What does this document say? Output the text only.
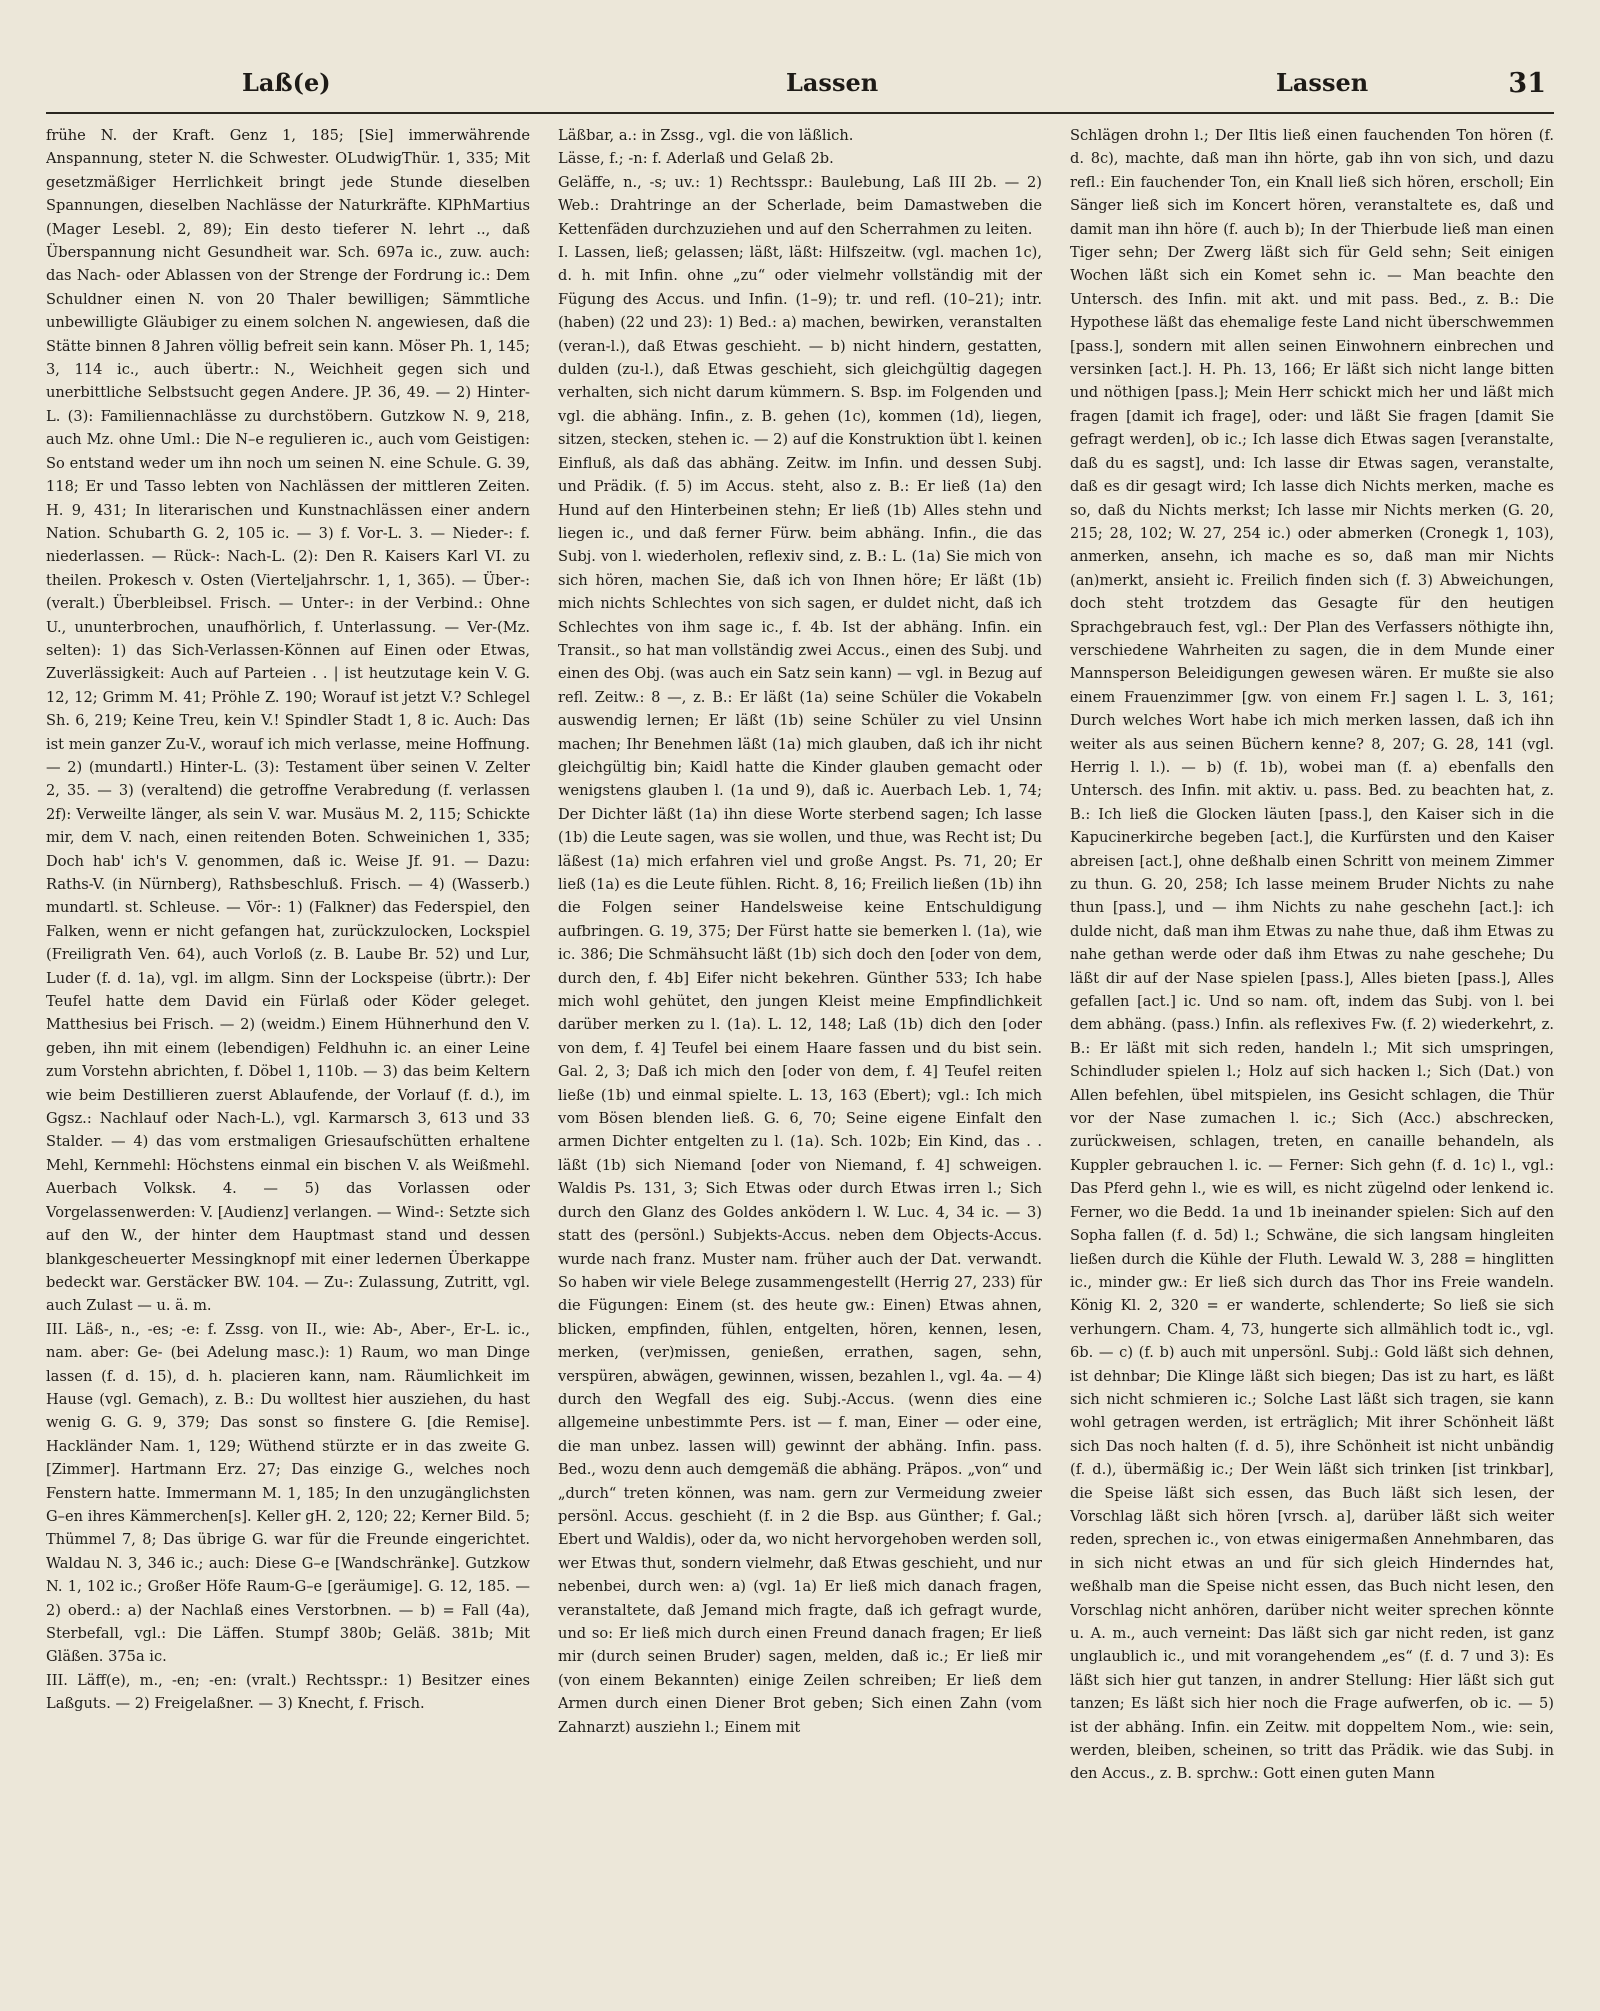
Laß(e)	Lassen	Lassen	31

frühe N. der Kraft. Genz 1, 185; [Sie] immerwährende Anspannung, steter N. die Schwester. OLudwigThür. 1, 335; Mit gesetzmäßiger Herrlichkeit bringt jede Stunde dieselben Spannungen, dieselben Nachlässe der Naturkräfte. KlPhMartius (Mager Lesebl. 2, 89); Ein desto tieferer N. lehrt .., daß Überspannung nicht Gesundheit war. Sch. 697a ic., zuw. auch: das Nach- oder Ablassen von der Strenge der Fordrung ic.: Dem Schuldner einen N. von 20 Thaler bewilligen; Sämmtliche unbewilligte Gläubiger zu einem solchen N. angewiesen, daß die Stätte binnen 8 Jahren völlig befreit sein kann. Möser Ph. 1, 145; 3, 114 ic., auch übertr.: N., Weichheit gegen sich und unerbittliche Selbstsucht gegen Andere. JP. 36, 49. — 2) Hinter-L. (3): Familiennachlässe zu durchstöbern. Gutzkow N. 9, 218, auch Mz. ohne Uml.: Die N–e regulieren ic., auch vom Geistigen: So entstand weder um ihn noch um seinen N. eine Schule. G. 39, 118; Er und Tasso lebten von Nachlässen der mittleren Zeiten. H. 9, 431; In literarischen und Kunstnachlässen einer andern Nation. Schubarth G. 2, 105 ic. — 3) f. Vor-L. 3. — Nieder-: f. niederlassen. — Rück-: Nach-L. (2): Den R. Kaisers Karl VI. zu theilen. Prokesch v. Osten (Vierteljahrschr. 1, 1, 365). — Über-: (veralt.) Überbleibsel. Frisch. — Unter-: in der Verbind.: Ohne U., ununterbrochen, unaufhörlich, f. Unterlassung. — Ver-(Mz. selten): 1) das Sich-Verlassen-Können auf Einen oder Etwas, Zuverlässigkeit: Auch auf Parteien . . | ist heutzutage kein V. G. 12, 12; Grimm M. 41; Pröhle Z. 190; Worauf ist jetzt V.? Schlegel Sh. 6, 219; Keine Treu, kein V.! Spindler Stadt 1, 8 ic. Auch: Das ist mein ganzer Zu-V., worauf ich mich verlasse, meine Hoffnung. — 2) (mundartl.) Hinter-L. (3): Testament über seinen V. Zelter 2, 35. — 3) (veraltend) die getroffne Verabredung (f. verlassen 2f): Verweilte länger, als sein V. war. Musäus M. 2, 115; Schickte mir, dem V. nach, einen reitenden Boten. Schweinichen 1, 335; Doch hab' ich's V. genommen, daß ic. Weise Jf. 91. — Dazu: Raths-V. (in Nürnberg), Rathsbeschluß. Frisch. — 4) (Wasserb.) mundartl. st. Schleuse. — Vör-: 1) (Falkner) das Federspiel, den Falken, wenn er nicht gefangen hat, zurückzulocken, Lockspiel (Freiligrath Ven. 64), auch Vorloß (z. B. Laube Br. 52) und Lur, Luder (f. d. 1a), vgl. im allgm. Sinn der Lockspeise (übrtr.): Der Teufel hatte dem David ein Fürlaß oder Köder geleget. Matthesius bei Frisch. — 2) (weidm.) Einem Hühnerhund den V. geben, ihn mit einem (lebendigen) Feldhuhn ic. an einer Leine zum Vorstehn abrichten, f. Döbel 1, 110b. — 3) das beim Keltern wie beim Destillieren zuerst Ablaufende, der Vorlauf (f. d.), im Ggsz.: Nachlauf oder Nach-L.), vgl. Karmarsch 3, 613 und 33 Stalder. — 4) das vom erstmaligen Griesaufschütten erhaltene Mehl, Kernmehl: Höchstens einmal ein bischen V. als Weißmehl. Auerbach Volksk. 4. — 5) das Vorlassen oder Vorgelassenwerden: V. [Audienz] verlangen. — Wind-: Setzte sich auf den W., der hinter dem Hauptmast stand und dessen blankgescheuerter Messingknopf mit einer ledernen Überkappe bedeckt war. Gerstäcker BW. 104. — Zu-: Zulassung, Zutritt, vgl. auch Zulast — u. ä. m.

III. Läß-, n., -es; -e: f. Zssg. von II., wie: Ab-, Aber-, Er-L. ic., nam. aber: Ge- (bei Adelung masc.): 1) Raum, wo man Dinge lassen (f. d. 15), d. h. placieren kann, nam. Räumlichkeit im Hause (vgl. Gemach), z. B.: Du wolltest hier ausziehen, du hast wenig G. G. 9, 379; Das sonst so finstere G. [die Remise]. Hackländer Nam. 1, 129; Wüthend stürzte er in das zweite G. [Zimmer]. Hartmann Erz. 27; Das einzige G., welches noch Fenstern hatte. Immermann M. 1, 185; In den unzugänglichsten G–en ihres Kämmerchen[s]. Keller gH. 2, 120; 22; Kerner Bild. 5; Thümmel 7, 8; Das übrige G. war für die Freunde eingerichtet. Waldau N. 3, 346 ic.; auch: Diese G–e [Wandschränke]. Gutzkow N. 1, 102 ic.; Großer Höfe Raum-G–e [geräumige]. G. 12, 185. — 2) oberd.: a) der Nachlaß eines Verstorbnen. — b) = Fall (4a), Sterbefall, vgl.: Die Läffen. Stumpf 380b; Geläß. 381b; Mit Gläßen. 375a ic.

III. Läff(e), m., -en; -en: (vralt.) Rechtsspr.: 1) Besitzer eines Laßguts. — 2) Freigelaßner. — 3) Knecht, f. Frisch.

Läßbar, a.: in Zssg., vgl. die von läßlich.

Lässe, f.; -n: f. Aderlaß und Gelaß 2b.

Geläffe, n., -s; uv.: 1) Rechtsspr.: Baulebung, Laß III 2b. — 2) Web.: Drahtringe an der Scherlade, beim Damastweben die Kettenfäden durchzuziehen und auf den Scherrahmen zu leiten.

I. Lassen, ließ; gelassen; läßt, läßt: Hilfszeitw. (vgl. machen 1c), d. h. mit Infin. ohne „zu“ oder vielmehr vollständig mit der Fügung des Accus. und Infin. (1–9); tr. und refl. (10–21); intr. (haben) (22 und 23): 1) Bed.: a) machen, bewirken, veranstalten (veran-l.), daß Etwas geschieht. — b) nicht hindern, gestatten, dulden (zu-l.), daß Etwas geschieht, sich gleichgültig dagegen verhalten, sich nicht darum kümmern. S. Bsp. im Folgenden und vgl. die abhäng. Infin., z. B. gehen (1c), kommen (1d), liegen, sitzen, stecken, stehen ic. — 2) auf die Konstruktion übt l. keinen Einfluß, als daß das abhäng. Zeitw. im Infin. und dessen Subj. und Prädik. (f. 5) im Accus. steht, also z. B.: Er ließ (1a) den Hund auf den Hinterbeinen stehn; Er ließ (1b) Alles stehn und liegen ic., und daß ferner Fürw. beim abhäng. Infin., die das Subj. von l. wiederholen, reflexiv sind, z. B.: L. (1a) Sie mich von sich hören, machen Sie, daß ich von Ihnen höre; Er läßt (1b) mich nichts Schlechtes von sich sagen, er duldet nicht, daß ich Schlechtes von ihm sage ic., f. 4b. Ist der abhäng. Infin. ein Transit., so hat man vollständig zwei Accus., einen des Subj. und einen des Obj. (was auch ein Satz sein kann) — vgl. in Bezug auf refl. Zeitw.: 8 —, z. B.: Er läßt (1a) seine Schüler die Vokabeln auswendig lernen; Er läßt (1b) seine Schüler zu viel Unsinn machen; Ihr Benehmen läßt (1a) mich glauben, daß ich ihr nicht gleichgültig bin; Kaidl hatte die Kinder glauben gemacht oder wenigstens glauben l. (1a und 9), daß ic. Auerbach Leb. 1, 74; Der Dichter läßt (1a) ihn diese Worte sterbend sagen; Ich lasse (1b) die Leute sagen, was sie wollen, und thue, was Recht ist; Du läßest (1a) mich erfahren viel und große Angst. Ps. 71, 20; Er ließ (1a) es die Leute fühlen. Richt. 8, 16; Freilich ließen (1b) ihn die Folgen seiner Handelsweise keine Entschuldigung aufbringen. G. 19, 375; Der Fürst hatte sie bemerken l. (1a), wie ic. 386; Die Schmähsucht läßt (1b) sich doch den [oder von dem, durch den, f. 4b] Eifer nicht bekehren. Günther 533; Ich habe mich wohl gehütet, den jungen Kleist meine Empfindlichkeit darüber merken zu l. (1a). L. 12, 148; Laß (1b) dich den [oder von dem, f. 4] Teufel bei einem Haare fassen und du bist sein. Gal. 2, 3; Daß ich mich den [oder von dem, f. 4] Teufel reiten ließe (1b) und einmal spielte. L. 13, 163 (Ebert); vgl.: Ich mich vom Bösen blenden ließ. G. 6, 70; Seine eigene Einfalt den armen Dichter entgelten zu l. (1a). Sch. 102b; Ein Kind, das . . läßt (1b) sich Niemand [oder von Niemand, f. 4] schweigen. Waldis Ps. 131, 3; Sich Etwas oder durch Etwas irren l.; Sich durch den Glanz des Goldes anködern l. W. Luc. 4, 34 ic. — 3) statt des (persönl.) Subjekts-Accus. neben dem Objects-Accus. wurde nach franz. Muster nam. früher auch der Dat. verwandt. So haben wir viele Belege zusammengestellt (Herrig 27, 233) für die Fügungen: Einem (st. des heute gw.: Einen) Etwas ahnen, blicken, empfinden, fühlen, entgelten, hören, kennen, lesen, merken, (ver)missen, genießen, errathen, sagen, sehn, verspüren, abwägen, gewinnen, wissen, bezahlen l., vgl. 4a. — 4) durch den Wegfall des eig. Subj.-Accus. (wenn dies eine allgemeine unbestimmte Pers. ist — f. man, Einer — oder eine, die man unbez. lassen will) gewinnt der abhäng. Infin. pass. Bed., wozu denn auch demgemäß die abhäng. Präpos. „von“ und „durch“ treten können, was nam. gern zur Vermeidung zweier persönl. Accus. geschieht (f. in 2 die Bsp. aus Günther; f. Gal.; Ebert und Waldis), oder da, wo nicht hervorgehoben werden soll, wer Etwas thut, sondern vielmehr, daß Etwas geschieht, und nur nebenbei, durch wen: a) (vgl. 1a) Er ließ mich danach fragen, veranstaltete, daß Jemand mich fragte, daß ich gefragt wurde, und so: Er ließ mich durch einen Freund danach fragen; Er ließ mir (durch seinen Bruder) sagen, melden, daß ic.; Er ließ mir (von einem Bekannten) einige Zeilen schreiben; Er ließ dem Armen durch einen Diener Brot geben; Sich einen Zahn (vom Zahnarzt) ausziehn l.; Einem mit

Schlägen drohn l.; Der Iltis ließ einen fauchenden Ton hören (f. d. 8c), machte, daß man ihn hörte, gab ihn von sich, und dazu refl.: Ein fauchender Ton, ein Knall ließ sich hören, erscholl; Ein Sänger ließ sich im Koncert hören, veranstaltete es, daß und damit man ihn höre (f. auch b); In der Thierbude ließ man einen Tiger sehn; Der Zwerg läßt sich für Geld sehn; Seit einigen Wochen läßt sich ein Komet sehn ic. — Man beachte den Untersch. des Infin. mit akt. und mit pass. Bed., z. B.: Die Hypothese läßt das ehemalige feste Land nicht überschwemmen [pass.], sondern mit allen seinen Einwohnern einbrechen und versinken [act.]. H. Ph. 13, 166; Er läßt sich nicht lange bitten und nöthigen [pass.]; Mein Herr schickt mich her und läßt mich fragen [damit ich frage], oder: und läßt Sie fragen [damit Sie gefragt werden], ob ic.; Ich lasse dich Etwas sagen [veranstalte, daß du es sagst], und: Ich lasse dir Etwas sagen, veranstalte, daß es dir gesagt wird; Ich lasse dich Nichts merken, mache es so, daß du Nichts merkst; Ich lasse mir Nichts merken (G. 20, 215; 28, 102; W. 27, 254 ic.) oder abmerken (Cronegk 1, 103), anmerken, ansehn, ich mache es so, daß man mir Nichts (an)merkt, ansieht ic. Freilich finden sich (f. 3) Abweichungen, doch steht trotzdem das Gesagte für den heutigen Sprachgebrauch fest, vgl.: Der Plan des Verfassers nöthigte ihn, verschiedene Wahrheiten zu sagen, die in dem Munde einer Mannsperson Beleidigungen gewesen wären. Er mußte sie also einem Frauenzimmer [gw. von einem Fr.] sagen l. L. 3, 161; Durch welches Wort habe ich mich merken lassen, daß ich ihn weiter als aus seinen Büchern kenne? 8, 207; G. 28, 141 (vgl. Herrig l. l.). — b) (f. 1b), wobei man (f. a) ebenfalls den Untersch. des Infin. mit aktiv. u. pass. Bed. zu beachten hat, z. B.: Ich ließ die Glocken läuten [pass.], den Kaiser sich in die Kapucinerkirche begeben [act.], die Kurfürsten und den Kaiser abreisen [act.], ohne deßhalb einen Schritt von meinem Zimmer zu thun. G. 20, 258; Ich lasse meinem Bruder Nichts zu nahe thun [pass.], und — ihm Nichts zu nahe geschehn [act.]: ich dulde nicht, daß man ihm Etwas zu nahe thue, daß ihm Etwas zu nahe gethan werde oder daß ihm Etwas zu nahe geschehe; Du läßt dir auf der Nase spielen [pass.], Alles bieten [pass.], Alles gefallen [act.] ic. Und so nam. oft, indem das Subj. von l. bei dem abhäng. (pass.) Infin. als reflexives Fw. (f. 2) wiederkehrt, z. B.: Er läßt mit sich reden, handeln l.; Mit sich umspringen, Schindluder spielen l.; Holz auf sich hacken l.; Sich (Dat.) von Allen befehlen, übel mitspielen, ins Gesicht schlagen, die Thür vor der Nase zumachen l. ic.; Sich (Acc.) abschrecken, zurückweisen, schlagen, treten, en canaille behandeln, als Kuppler gebrauchen l. ic. — Ferner: Sich gehn (f. d. 1c) l., vgl.: Das Pferd gehn l., wie es will, es nicht zügelnd oder lenkend ic. Ferner, wo die Bedd. 1a und 1b ineinander spielen: Sich auf den Sopha fallen (f. d. 5d) l.; Schwäne, die sich langsam hingleiten ließen durch die Kühle der Fluth. Lewald W. 3, 288 = hinglitten ic., minder gw.: Er ließ sich durch das Thor ins Freie wandeln. König Kl. 2, 320 = er wanderte, schlenderte; So ließ sie sich verhungern. Cham. 4, 73, hungerte sich allmählich todt ic., vgl. 6b. — c) (f. b) auch mit unpersönl. Subj.: Gold läßt sich dehnen, ist dehnbar; Die Klinge läßt sich biegen; Das ist zu hart, es läßt sich nicht schmieren ic.; Solche Last läßt sich tragen, sie kann wohl getragen werden, ist erträglich; Mit ihrer Schönheit läßt sich Das noch halten (f. d. 5), ihre Schönheit ist nicht unbändig (f. d.), übermäßig ic.; Der Wein läßt sich trinken [ist trinkbar], die Speise läßt sich essen, das Buch läßt sich lesen, der Vorschlag läßt sich hören [vrsch. a], darüber läßt sich weiter reden, sprechen ic., von etwas einigermaßen Annehmbaren, das in sich nicht etwas an und für sich gleich Hinderndes hat, weßhalb man die Speise nicht essen, das Buch nicht lesen, den Vorschlag nicht anhören, darüber nicht weiter sprechen könnte u. A. m., auch verneint: Das läßt sich gar nicht reden, ist ganz unglaublich ic., und mit vorangehendem „es“ (f. d. 7 und 3): Es läßt sich hier gut tanzen, in andrer Stellung: Hier läßt sich gut tanzen; Es läßt sich hier noch die Frage aufwerfen, ob ic. — 5) ist der abhäng. Infin. ein Zeitw. mit doppeltem Nom., wie: sein, werden, bleiben, scheinen, so tritt das Prädik. wie das Subj. in den Accus., z. B. sprchw.: Gott einen guten Mann
